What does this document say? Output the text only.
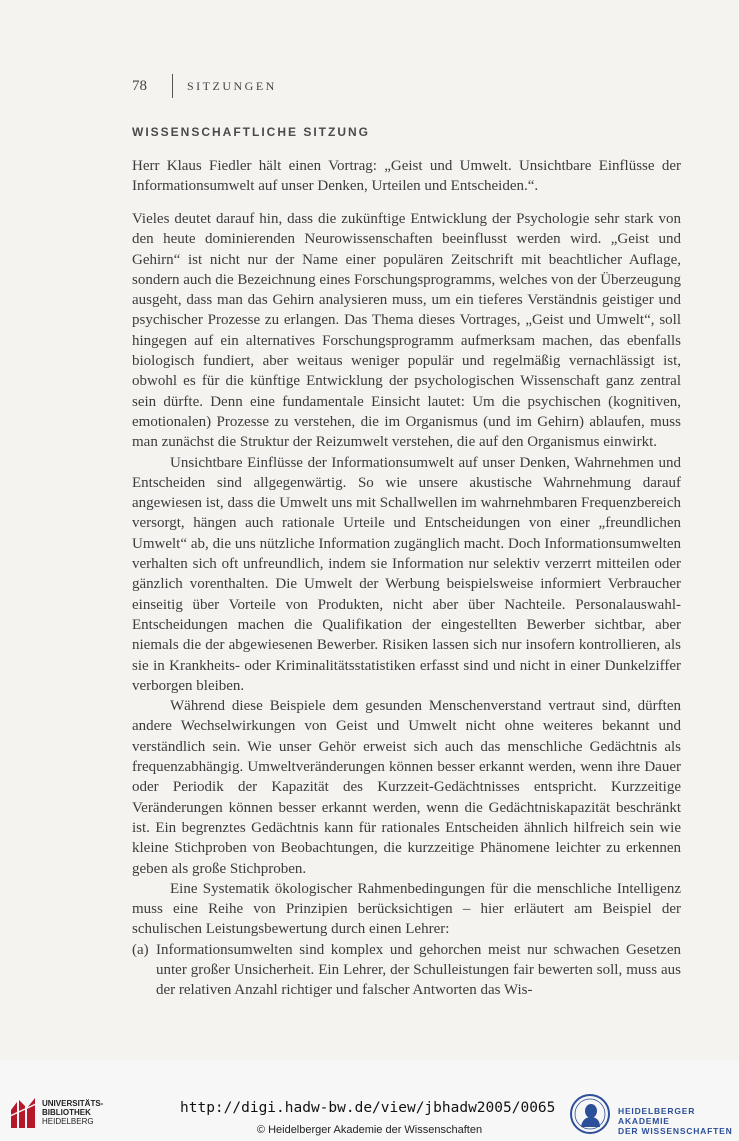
78	SITZUNGEN
WISSENSCHAFTLICHE SITZUNG

Herr Klaus Fiedler hält einen Vortrag: „Geist und Umwelt. Unsichtbare Einflüsse der Informationsumwelt auf unser Denken, Urteilen und Entscheiden.“.

Vieles deutet darauf hin, dass die zukünftige Entwicklung der Psychologie sehr stark von den heute dominierenden Neurowissenschaften beeinflusst werden wird. „Geist und Gehirn“ ist nicht nur der Name einer populären Zeitschrift mit beachtlicher Auflage, sondern auch die Bezeichnung eines Forschungsprogramms, welches von der Überzeugung ausgeht, dass man das Gehirn analysieren muss, um ein tieferes Verständnis geistiger und psychischer Prozesse zu erlangen. Das Thema dieses Vortrages, „Geist und Umwelt“, soll hingegen auf ein alternatives Forschungsprogramm aufmerksam machen, das ebenfalls biologisch fundiert, aber weitaus weniger populär und regelmäßig vernachlässigt ist, obwohl es für die künftige Entwicklung der psychologischen Wissenschaft ganz zentral sein dürfte. Denn eine fundamentale Einsicht lautet: Um die psychischen (kognitiven, emotionalen) Prozesse zu verstehen, die im Organismus (und im Gehirn) ablaufen, muss man zunächst die Struktur der Reizumwelt verstehen, die auf den Organismus einwirkt.

Unsichtbare Einflüsse der Informationsumwelt auf unser Denken, Wahrnehmen und Entscheiden sind allgegenwärtig. So wie unsere akustische Wahrnehmung darauf angewiesen ist, dass die Umwelt uns mit Schallwellen im wahrnehmbaren Frequenzbereich versorgt, hängen auch rationale Urteile und Entscheidungen von einer „freundlichen Umwelt“ ab, die uns nützliche Information zugänglich macht. Doch Informationsumwelten verhalten sich oft unfreundlich, indem sie Information nur selektiv verzerrt mitteilen oder gänzlich vorenthalten. Die Umwelt der Werbung beispielsweise informiert Verbraucher einseitig über Vorteile von Produkten, nicht aber über Nachteile. Personalauswahl-Entscheidungen machen die Qualifikation der eingestellten Bewerber sichtbar, aber niemals die der abgewiesenen Bewerber. Risiken lassen sich nur insofern kontrollieren, als sie in Krankheits- oder Kriminalitätsstatistiken erfasst sind und nicht in einer Dunkelziffer verborgen bleiben.

Während diese Beispiele dem gesunden Menschenverstand vertraut sind, dürften andere Wechselwirkungen von Geist und Umwelt nicht ohne weiteres bekannt und verständlich sein. Wie unser Gehör erweist sich auch das menschliche Gedächtnis als frequenzabhängig. Umweltveränderungen können besser erkannt werden, wenn ihre Dauer oder Periodik der Kapazität des Kurzzeit-Gedächtnisses entspricht. Kurzzeitige Veränderungen können besser erkannt werden, wenn die Gedächtniskapazität beschränkt ist. Ein begrenztes Gedächtnis kann für rationales Entscheiden ähnlich hilfreich sein wie kleine Stichproben von Beobachtungen, die kurzzeitige Phänomene leichter zu erkennen geben als große Stichproben.

Eine Systematik ökologischer Rahmenbedingungen für die menschliche Intelligenz muss eine Reihe von Prinzipien berücksichtigen – hier erläutert am Beispiel der schulischen Leistungsbewertung durch einen Lehrer:

(a) Informationsumwelten sind komplex und gehorchen meist nur schwachen Gesetzen unter großer Unsicherheit. Ein Lehrer, der Schulleistungen fair bewerten soll, muss aus der relativen Anzahl richtiger und falscher Antworten das Wis-
UNIVERSITÄTS-
BIBLIOTHEK
HEIDELBERG
http://digi.hadw-bw.de/view/jbhadw2005/0065
© Heidelberger Akademie der Wissenschaften
HEIDELBERGER AKADEMIE
DER WISSENSCHAFTEN
